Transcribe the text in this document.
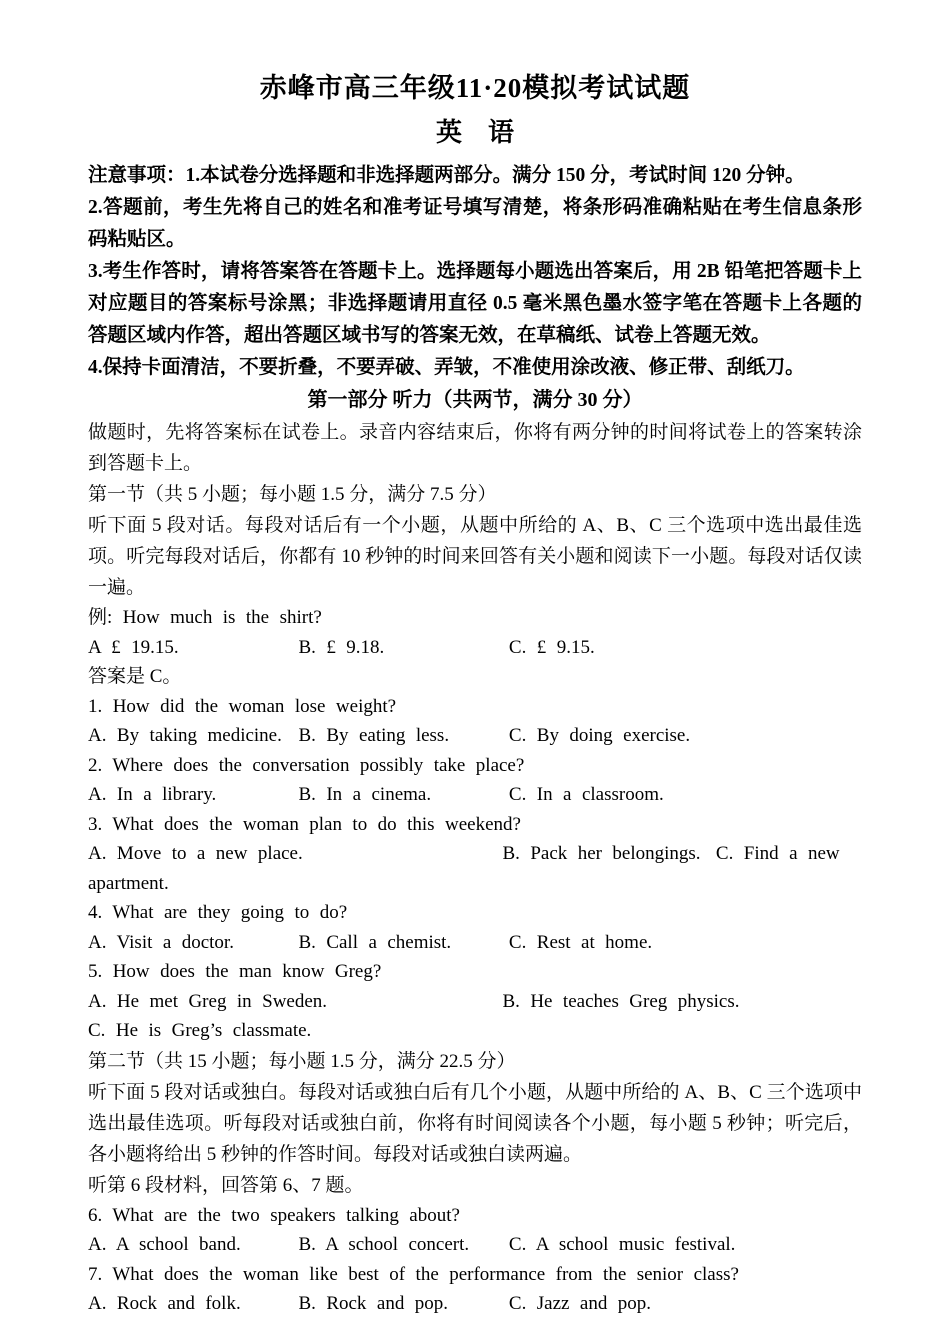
赤峰市高三年级11·20模拟考试试题
英　语

注意事项：1.本试卷分选择题和非选择题两部分。满分 150 分，考试时间 120 分钟。

2.答题前，考生先将自己的姓名和准考证号填写清楚，将条形码准确粘贴在考生信息条形码粘贴区。

3.考生作答时，请将答案答在答题卡上。选择题每小题选出答案后，用 2B 铅笔把答题卡上对应题目的答案标号涂黑；非选择题请用直径 0.5 毫米黑色墨水签字笔在答题卡上各题的答题区域内作答，超出答题区域书写的答案无效，在草稿纸、试卷上答题无效。

4.保持卡面清洁，不要折叠，不要弄破、弄皱，不准使用涂改液、修正带、刮纸刀。

第一部分 听力（共两节，满分 30 分）

做题时，先将答案标在试卷上。录音内容结束后，你将有两分钟的时间将试卷上的答案转涂到答题卡上。

第一节（共 5 小题；每小题 1.5 分，满分 7.5 分）

听下面 5 段对话。每段对话后有一个小题，从题中所给的 A、B、C 三个选项中选出最佳选项。听完每段对话后，你都有 10 秒钟的时间来回答有关小题和阅读下一小题。每段对话仅读一遍。

例: How much is the shirt?

A £ 19.15.	B. £ 9.18.	C. £ 9.15.

答案是 C。

1. How did the woman lose weight?

A. By taking medicine. B. By eating less.	C. By doing exercise.

2. Where does the conversation possibly take place?

A. In a library.	B. In a cinema.	C. In a classroom.

3. What does the woman plan to do this weekend?

A. Move to a new place.	B. Pack her belongings. C. Find a new

apartment.

4. What are they going to do?

A. Visit a doctor.	B. Call a chemist.	C. Rest at home.

5. How does the man know Greg?

A. He met Greg in Sweden.	B. He teaches Greg physics.

C. He is Greg’s classmate.

第二节（共 15 小题；每小题 1.5 分，满分 22.5 分）

听下面 5 段对话或独白。每段对话或独白后有几个小题，从题中所给的 A、B、C 三个选项中选出最佳选项。听每段对话或独白前，你将有时间阅读各个小题，每小题 5 秒钟；听完后，各小题将给出 5 秒钟的作答时间。每段对话或独白读两遍。

听第 6 段材料，回答第 6、7 题。

6. What are the two speakers talking about?

A. A school band.	B. A school concert. C. A school music festival.

7. What does the woman like best of the performance from the senior class?

A. Rock and folk.	B. Rock and pop.	C. Jazz and pop.
